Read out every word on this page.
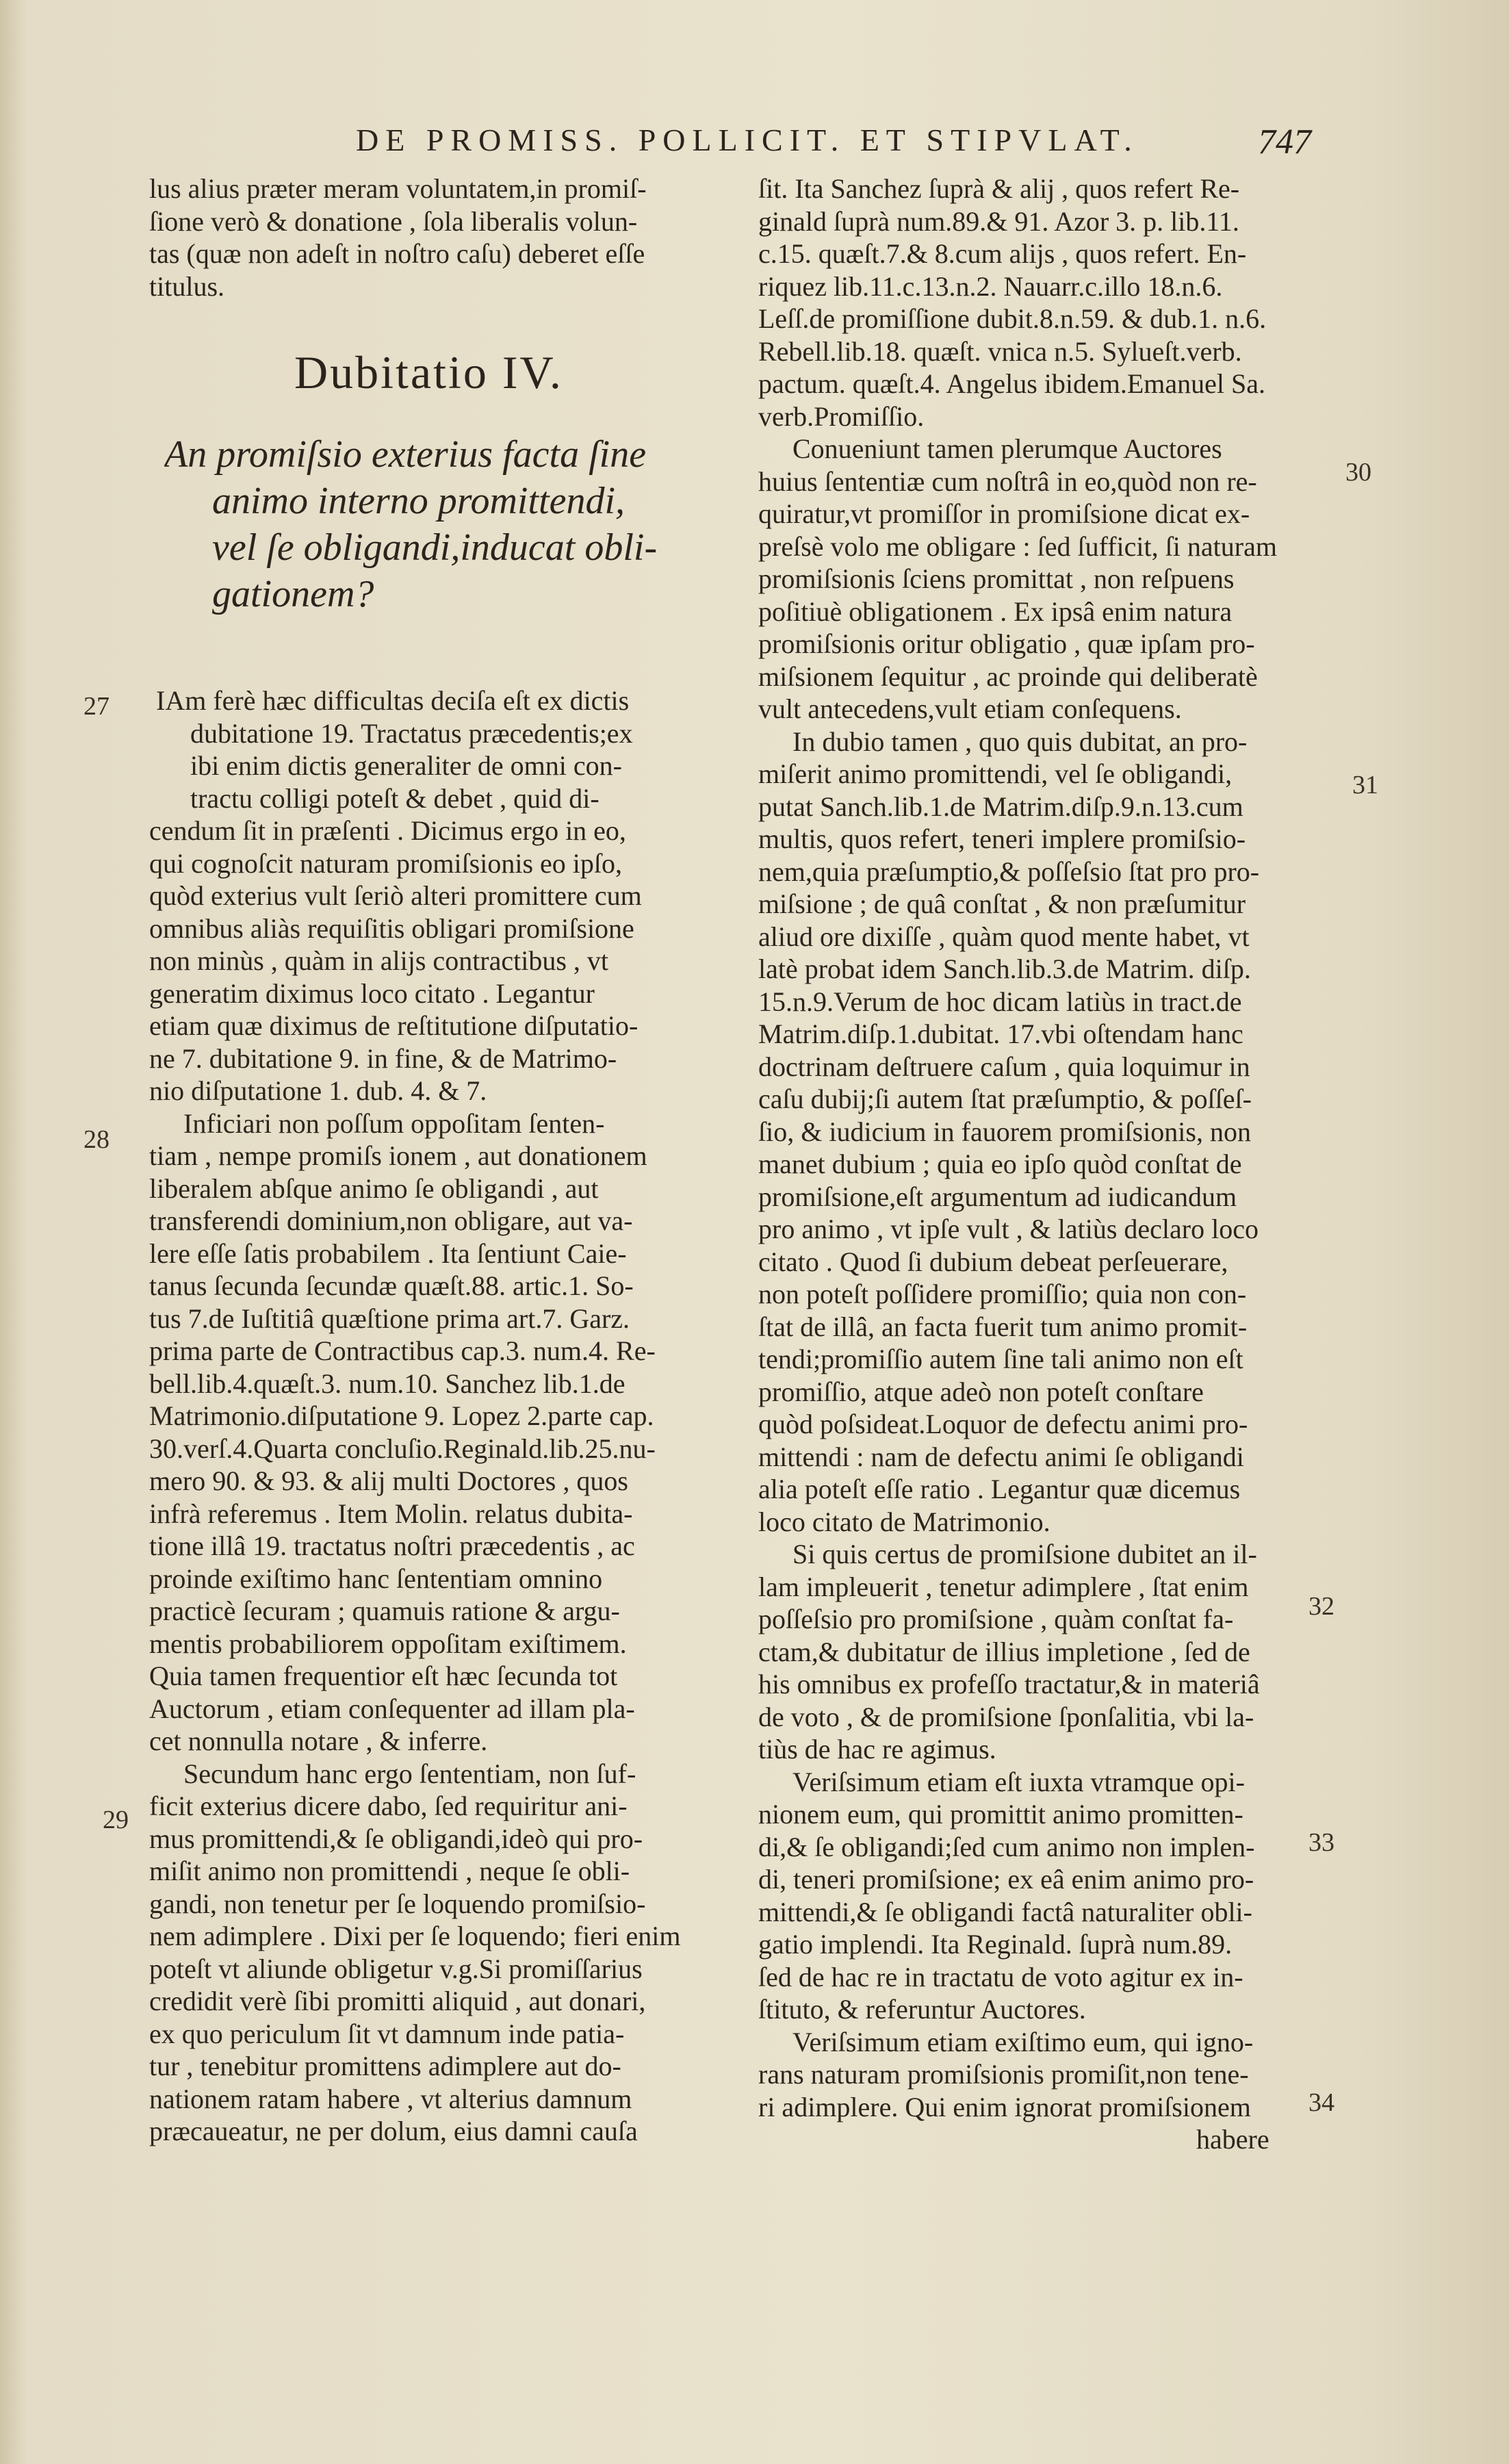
DE PROMISS. POLLICIT. ET STIPVLAT.	747
lus alius præter meram voluntatem,in promiſ-
ſione verò & donatione , ſola liberalis volun-
tas (quæ non adeſt in noſtro caſu) deberet eſſe
titulus.
Dubitatio IV.
An promiſsio exterius facta ſine
animo interno promittendi,
vel ſe obligandi,inducat obli-
gationem?
IAm ferè hæc difficultas deciſa eſt ex dictis
dubitatione 19. Tractatus præcedentis;ex
ibi enim dictis generaliter de omni con-
tractu colligi poteſt & debet , quid di-
cendum ſit in præſenti . Dicimus ergo in eo,
qui cognoſcit naturam promiſsionis eo ipſo,
quòd exterius vult ſeriò alteri promittere cum
omnibus aliàs requiſitis obligari promiſsione
non minùs , quàm in alijs contractibus , vt
generatim diximus loco citato . Legantur
etiam quæ diximus de reſtitutione diſputatio-
ne 7. dubitatione 9. in fine, & de Matrimo-
nio diſputatione 1. dub. 4. & 7.
Inficiari non poſſum oppoſitam ſenten-
tiam , nempe promiſs ionem , aut donationem
liberalem abſque animo ſe obligandi , aut
transferendi dominium,non obligare, aut va-
lere eſſe ſatis probabilem . Ita ſentiunt Caie-
tanus ſecunda ſecundæ quæſt.88. artic.1. So-
tus 7.de Iuſtitiâ quæſtione prima art.7. Garz.
prima parte de Contractibus cap.3. num.4. Re-
bell.lib.4.quæſt.3. num.10. Sanchez lib.1.de
Matrimonio.diſputatione 9. Lopez 2.parte cap.
30.verſ.4.Quarta concluſio.Reginald.lib.25.nu-
mero 90. & 93. & alij multi Doctores , quos
infrà referemus . Item Molin. relatus dubita-
tione illâ 19. tractatus noſtri præcedentis , ac
proinde exiſtimo hanc ſententiam omnino
practicè ſecuram ; quamuis ratione & argu-
mentis probabiliorem oppoſitam exiſtimem.
Quia tamen frequentior eſt hæc ſecunda tot
Auctorum , etiam conſequenter ad illam pla-
cet nonnulla notare , & inferre.
Secundum hanc ergo ſententiam, non ſuf-
ficit exterius dicere dabo, ſed requiritur ani-
mus promittendi,& ſe obligandi,ideò qui pro-
miſit animo non promittendi , neque ſe obli-
gandi, non tenetur per ſe loquendo promiſsio-
nem adimplere . Dixi per ſe loquendo; fieri enim
poteſt vt aliunde obligetur v.g.Si promiſſarius
credidit verè ſibi promitti aliquid , aut donari,
ex quo periculum ſit vt damnum inde patia-
tur , tenebitur promittens adimplere aut do-
nationem ratam habere , vt alterius damnum
præcaueatur, ne per dolum, eius damni cauſa
ſit. Ita Sanchez ſuprà & alij , quos refert Re-
ginald ſuprà num.89.& 91. Azor 3. p. lib.11.
c.15. quæſt.7.& 8.cum alijs , quos refert. En-
riquez lib.11.c.13.n.2. Nauarr.c.illo 18.n.6.
Leſſ.de promiſſione dubit.8.n.59. & dub.1. n.6.
Rebell.lib.18. quæſt. vnica n.5. Sylueſt.verb.
pactum. quæſt.4. Angelus ibidem.Emanuel Sa.
verb.Promiſſio.
Conueniunt tamen plerumque Auctores
huius ſententiæ cum noſtrâ in eo,quòd non re-
quiratur,vt promiſſor in promiſsione dicat ex-
preſsè volo me obligare : ſed ſufficit, ſi naturam
promiſsionis ſciens promittat , non reſpuens
poſitiuè obligationem . Ex ipsâ enim natura
promiſsionis oritur obligatio , quæ ipſam pro-
miſsionem ſequitur , ac proinde qui deliberatè
vult antecedens,vult etiam conſequens.
In dubio tamen , quo quis dubitat, an pro-
miſerit animo promittendi, vel ſe obligandi,
putat Sanch.lib.1.de Matrim.diſp.9.n.13.cum
multis, quos refert, teneri implere promiſsio-
nem,quia præſumptio,& poſſeſsio ſtat pro pro-
miſsione ; de quâ conſtat , & non præſumitur
aliud ore dixiſſe , quàm quod mente habet, vt
latè probat idem Sanch.lib.3.de Matrim. diſp.
15.n.9.Verum de hoc dicam latiùs in tract.de
Matrim.diſp.1.dubitat. 17.vbi oſtendam hanc
doctrinam deſtruere caſum , quia loquimur in
caſu dubij;ſi autem ſtat præſumptio, & poſſeſ-
ſio, & iudicium in fauorem promiſsionis, non
manet dubium ; quia eo ipſo quòd conſtat de
promiſsione,eſt argumentum ad iudicandum
pro animo , vt ipſe vult , & latiùs declaro loco
citato . Quod ſi dubium debeat perſeuerare,
non poteſt poſſidere promiſſio; quia non con-
ſtat de illâ, an facta fuerit tum animo promit-
tendi;promiſſio autem ſine tali animo non eſt
promiſſio, atque adeò non poteſt conſtare
quòd poſsideat.Loquor de defectu animi pro-
mittendi : nam de defectu animi ſe obligandi
alia poteſt eſſe ratio . Legantur quæ dicemus
loco citato de Matrimonio.
Si quis certus de promiſsione dubitet an il-
lam impleuerit , tenetur adimplere , ſtat enim
poſſeſsio pro promiſsione , quàm conſtat fa-
ctam,& dubitatur de illius impletione , ſed de
his omnibus ex profeſſo tractatur,& in materiâ
de voto , & de promiſsione ſponſalitia, vbi la-
tiùs de hac re agimus.
Veriſsimum etiam eſt iuxta vtramque opi-
nionem eum, qui promittit animo promitten-
di,& ſe obligandi;ſed cum animo non implen-
di, teneri promiſsione; ex eâ enim animo pro-
mittendi,& ſe obligandi factâ naturaliter obli-
gatio implendi. Ita Reginald. ſuprà num.89.
ſed de hac re in tractatu de voto agitur ex in-
ſtituto, & referuntur Auctores.
Veriſsimum etiam exiſtimo eum, qui igno-
rans naturam promiſsionis promiſit,non tene-
ri adimplere. Qui enim ignorat promiſsionem
habere
27
28
29
30
31
32
33
34
